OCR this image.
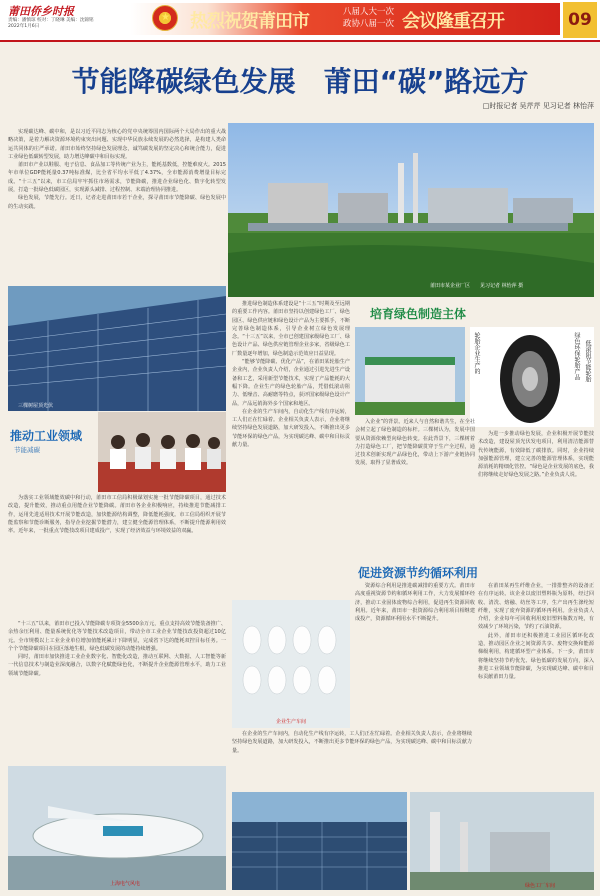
莆田侨乡时报
责编：潘慎琼 校对：丁晓琳 美编：沈锦铭
2022年1月6日
★ 热烈祝贺莆田市	八届人大一次
政协八届一次 会议隆重召开	09
节能降碳绿色发展　莆田“碳”路远方
□时报记者 吴芹芹 见习记者 林怡萍

实现碳达峰、碳中和，是以习近平同志为核心的党中央统筹国内国际两个大局作出的重大战略决策，是着力解决资源环境约束突出问题、实现中华民族永续发展的必然选择，是构建人类命运共同体的庄严承诺。莆田市始终坚持绿色发展理念，诚笃碳发展的坚定决心和统合能力，促进工业绿色低碳转型发展，助力增达峰碳中和目标实现。

莆田市产业以鞋服、电子信息、食品加工等传统产业为主，能耗基数低，控能难度大。2015年市单位GDP能耗量0.37吨标准煤，比全省平均水平低了4.37%，全市能源消费增量目标完成。“十三五”以来，市工信局牢牢抓住市场需求，节能降碳，推进企业绿色化、数字化转型发展，打造一批绿色低碳园区，实现源头减排、过程控制、末端治理协同推进。

绿色发展，节能先行。近日，记者走进莆田市若干企业，探寻莆田市节能降碳、绿色发展中的生动实践。

莆田市某企业厂区　　见习记者 林怡萍 摄
三棵树屋顶光伏
推动工业领域
节能减碳

为落实工业领域能效碳中和行动，莆田市工信局积极谋划实施一批节能降碳项目，通过技术改造，提升能效，推动重点用能企业节能降碳。莆田市各企业积极响应，持续推进节能减排工作，运用先进适用技术开展节能改造，加快能源结构调整，降低能耗强度。市工信局组织开展节能监察和节能诊断服务，指导企业挖掘节能潜力，建立健全能源管理体系，不断提升能源利用效率。近年来，一批重点节能技改项目建成投产，实现了经济效益与环境效益的双赢。

“十三五”以来，莆田市已投入节能降碳专项资金5500余万元，重点支持高效节能装备推广、余热余压利用、能量系统优化等节能技术改造项目，带动全市工业企业节能技改投资超过10亿元。全市规模以上工业企业单位增加值能耗累计下降明显，完成省下达的能耗双控目标任务。一个个节能降碳项目在园区落地生根，绿色低碳发展的动能持续增强。

同时，莆田市加快推进工业企业数字化、智能化改造，推动互联网、大数据、人工智能等新一代信息技术与制造业深度融合，以数字化赋能绿色化，不断提升企业能源管理水平，助力工业领域节能降碳。

上海电气风电

推进绿色制造体系建设是“十三五”时期及至远期的重要工作内容。莆田市坚持以创建绿色工厂、绿色园区、绿色供应链和绿色设计产品为主要抓手，不断完善绿色制造体系，引导企业树立绿色发展理念。“十三五”以来，全市已创建国家级绿色工厂、绿色设计产品、绿色供应链管理企业多家，省级绿色工厂数量逐年增加，绿色制造示范效应日益显现。

“能够节能降碳、优化产品”，在莆田某轮胎生产企业内，企业负责人介绍，企业通过引进先进生产设备和工艺，采用新型节能技术，实现了产品能耗的大幅下降。企业生产的绿色轮胎产品，凭借低滚动阻力、低噪音、高耐磨等特点，获评国家级绿色设计产品，产品远销海外多个国家和地区。

在企业的生产车间内，自动化生产线有序运转，工人们正在忙碌着。企业相关负责人表示，企业将继续坚持绿色发展道路，加大研发投入，不断推出更多节能环保的绿色产品，为实现碳达峰、碳中和目标贡献力量。

培育绿色制造主体
轮胎企业生产的	绿色环保轮胎产品 低滚阻节能轮胎

入企业”的背景。近来人与自然和谐共生，在全社会树立起了绿色制造的标杆。三棵树认为，发展中国要从资源依赖型向绿色转变。在此背景下，三棵树着力打造绿色工厂，把节能降碳贯穿于生产全过程，通过技术创新实现产品绿色化，带动上下游产业链协同发展，取得了显著成效。

为进一步推动绿色发展，企业积极开展节能技术改造，建设屋顶光伏发电项目，利用清洁能源替代传统能源，有效降低了碳排放。同时，企业持续加强能源管理，建立完善的能源管理体系，实现能源消耗的精细化管控。“绿色是企业发展的底色，我们将继续走好绿色发展之路。”企业负责人说。

促进资源节约循环利用
企业生产车间

资源综合利用是推进碳减排的重要方式。莆田市高度重视资源节约和循环利用工作，大力发展循环经济，推动工业固体废物综合利用，促进再生资源回收利用。近年来，莆田市一批资源综合利用项目相继建成投产，资源循环利用水平不断提升。

在莆田某再生纤维企业，一排排整齐的设备正在有序运转。该企业以废旧塑料瓶为原料，经过回收、清洗、熔融、纺丝等工序，生产出再生涤纶短纤维，实现了废弃资源的循环再利用。企业负责人介绍，企业每年可回收利用废旧塑料瓶数万吨，有效减少了环境污染，节约了石油资源。

此外，莆田市还积极推进工业园区循环化改造，推动园区企业之间资源共享、废物交换和能源梯级利用，构建循环型产业体系。下一步，莆田市将继续坚持节约优先、绿色低碳的发展方向，深入推进工业领域节能降碳，为实现碳达峰、碳中和目标贡献莆田力量。

在企业的生产车间内，自动化生产线有序运转，工人们正在忙碌着。企业相关负责人表示，企业将继续坚持绿色发展道路，加大研发投入，不断推出更多节能环保的绿色产品，为实现碳达峰、碳中和目标贡献力量。

绿色工厂车间
